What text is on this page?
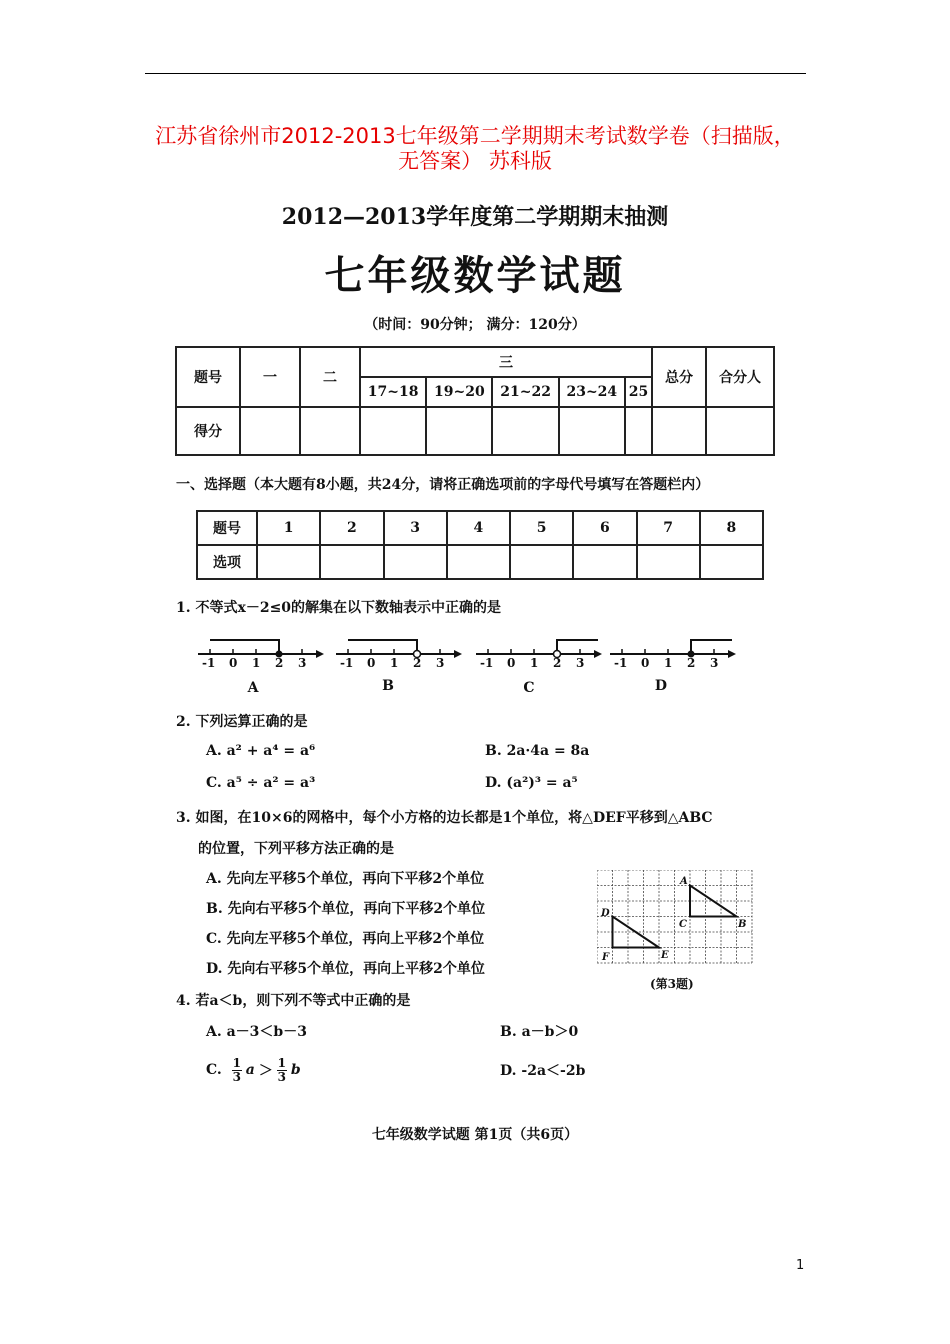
江苏省徐州市2012-2013七年级第二学期期末考试数学卷（扫描版，
无答案） 苏科版
2012—2013学年度第二学期期末抽测
七年级数学试题
（时间：90分钟； 满分：120分）
题号	一	二	三					总分	合分人
			17~18	19~20	21~22	23~24	25		
得分									
一、选择题（本大题有8小题，共24分，请将正确选项前的字母代号填写在答题栏内）
题号	1	2	3	4	5	6	7	8
选项								
1. 不等式x－2≤0的解集在以下数轴表示中正确的是
-1 0 1 2 3	-1 0 1 2 3	-1 0 1 2 3 -1 0 1 2 3
A	B	C	D
2. 下列运算正确的是
A. a² + a⁴ = a⁶	B. 2a·4a = 8a
C. a⁵ ÷ a² = a³	D. (a²)³ = a⁵
3. 如图，在10×6的网格中，每个小方格的边长都是1个单位，将△DEF平移到△ABC
的位置，下列平移方法正确的是
A. 先向左平移5个单位，再向下平移2个单位
B. 先向右平移5个单位，再向下平移2个单位
C. 先向左平移5个单位，再向上平移2个单位
D. 先向右平移5个单位，再向上平移2个单位
A
B
C
D
E
F
(第3题)
4. 若a＜b，则下列不等式中正确的是
A. a－3＜b－3	B. a－b＞0
C. 1
3 a ＞
1
3 b	D. -2a＜-2b
七年级数学试题 第1页（共6页）
1
